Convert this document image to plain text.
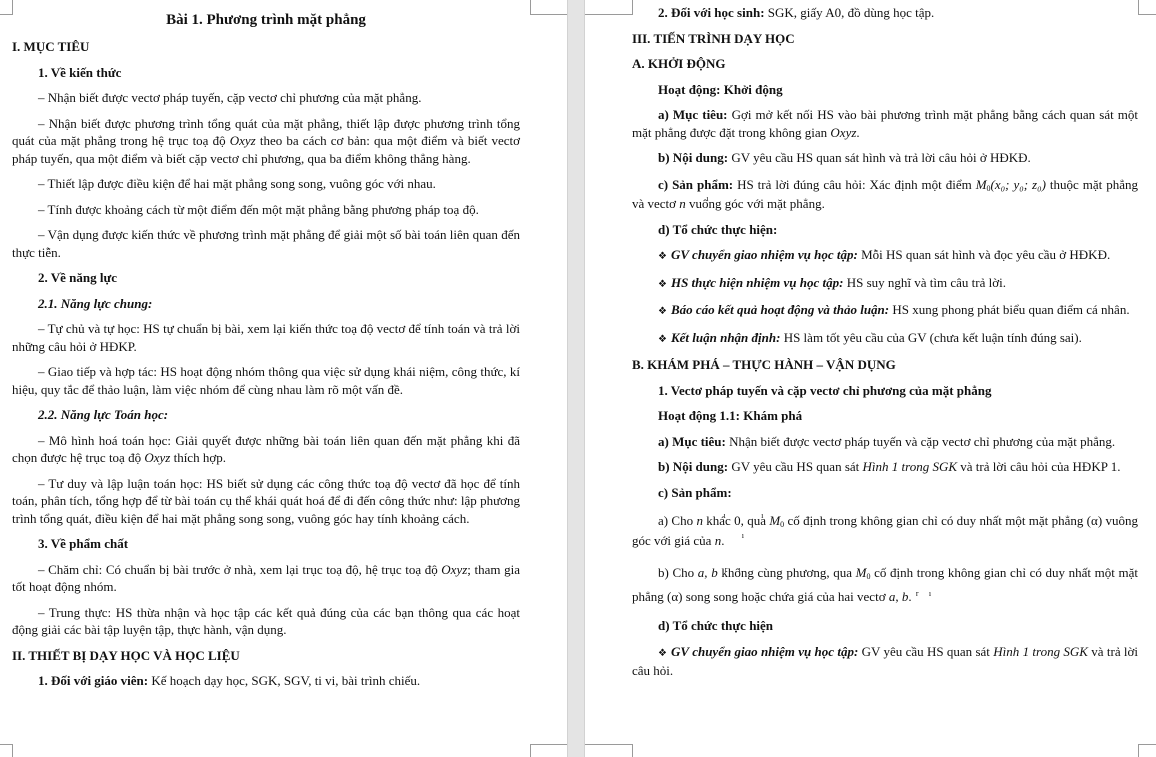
Bài 1. Phương trình mặt phẳng

I. MỤC TIÊU

1. Về kiến thức

– Nhận biết được vectơ pháp tuyến, cặp vectơ chỉ phương của mặt phẳng.

– Nhận biết được phương trình tổng quát của mặt phẳng, thiết lập được phương trình tổng quát của mặt phẳng trong hệ trục toạ độ Oxyz theo ba cách cơ bản: qua một điểm và biết vectơ pháp tuyến, qua một điểm và biết cặp vectơ chỉ phương, qua ba điểm không thẳng hàng.

– Thiết lập được điều kiện để hai mặt phẳng song song, vuông góc với nhau.

– Tính được khoảng cách từ một điểm đến một mặt phẳng bằng phương pháp toạ độ.

– Vận dụng được kiến thức về phương trình mặt phẳng để giải một số bài toán liên quan đến thực tiễn.

2. Về năng lực

2.1. Năng lực chung:

– Tự chủ và tự học: HS tự chuẩn bị bài, xem lại kiến thức toạ độ vectơ để tính toán và trả lời những câu hỏi ở HĐKP.

– Giao tiếp và hợp tác: HS hoạt động nhóm thông qua việc sử dụng khái niệm, công thức, kí hiệu, quy tắc để thảo luận, làm việc nhóm để cùng nhau làm rõ một vấn đề.

2.2. Năng lực Toán học:

– Mô hình hoá toán học: Giải quyết được những bài toán liên quan đến mặt phẳng khi đã chọn được hệ trục toạ độ Oxyz thích hợp.

– Tư duy và lập luận toán học: HS biết sử dụng các công thức toạ độ vectơ đã học để tính toán, phân tích, tổng hợp để từ bài toán cụ thể khái quát hoá để đi đến công thức như: lập phương trình tổng quát, điều kiện để hai mặt phẳng song song, vuông góc hay tính khoảng cách.

3. Về phẩm chất

– Chăm chỉ: Có chuẩn bị bài trước ở nhà, xem lại trục toạ độ, hệ trục toạ độ Oxyz; tham gia tốt hoạt động nhóm.

– Trung thực: HS thừa nhận và học tập các kết quả đúng của các bạn thông qua các hoạt động giải các bài tập luyện tập, thực hành, vận dụng.

II. THIẾT BỊ DẠY HỌC VÀ HỌC LIỆU

1. Đối với giáo viên: Kế hoạch dạy học, SGK, SGV, ti vi, bài trình chiếu.

2. Đối với học sinh: SGK, giấy A0, đồ dùng học tập.

III. TIẾN TRÌNH DẠY HỌC

A. KHỞI ĐỘNG

Hoạt động: Khởi động

a) Mục tiêu: Gợi mở kết nối HS vào bài phương trình mặt phẳng bằng cách quan sát một mặt phẳng được đặt trong không gian Oxyz.

b) Nội dung: GV yêu cầu HS quan sát hình và trả lời câu hỏi ở HĐKĐ.

c) Sản phẩm: HS trả lời đúng câu hỏi: Xác định một điểm $M_0(x_0$; y₀; z₀) thuộc mặt phẳng và vectơ ı n vuông góc với mặt phẳng.

d) Tổ chức thực hiện:

❖ GV chuyển giao nhiệm vụ học tập: Mỗi HS quan sát hình và đọc yêu cầu ở HĐKĐ.

❖ HS thực hiện nhiệm vụ học tập: HS suy nghĩ và tìm câu trả lời.

❖ Báo cáo kết quả hoạt động và thảo luận: HS xung phong phát biểu quan điểm cá nhân.

❖ Kết luận nhận định: HS làm tốt yêu cầu của GV (chưa kết luận tính đúng sai).

B. KHÁM PHÁ – THỰC HÀNH – VẬN DỤNG

1. Vectơ pháp tuyến và cặp vectơ chỉ phương của mặt phẳng

Hoạt động 1.1: Khám phá

a) Mục tiêu: Nhận biết được vectơ pháp tuyến và cặp vectơ chỉ phương của mặt phẳng.

b) Nội dung: GV yêu cầu HS quan sát Hình 1 trong SGK và trả lời câu hỏi của HĐKP 1.

c) Sản phẩm:

a) Cho ı n khác ı 0, qua $M_0$ cố định trong không gian chỉ có duy nhất một mặt phẳng (α) vuông góc với giá của ı n.

b) Cho r a, ı b không cùng phương, qua $M_0$ cố định trong không gian chỉ có duy nhất một mặt phẳng (α) song song hoặc chứa giá của hai vectơ r a, ı b.

d) Tổ chức thực hiện

❖ GV chuyển giao nhiệm vụ học tập: GV yêu cầu HS quan sát Hình 1 trong SGK và trả lời câu hỏi.
